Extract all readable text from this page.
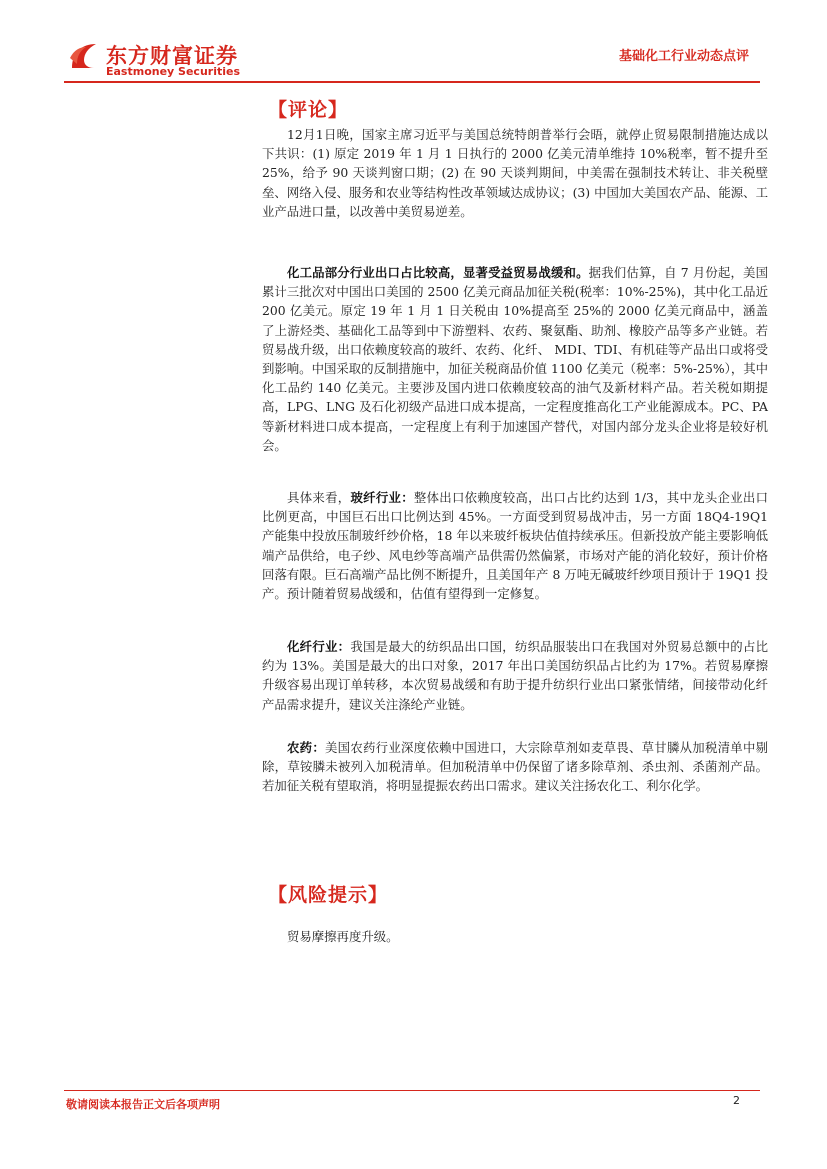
东方财富证券
Eastmoney Securities
基础化工行业动态点评
【评论】

12月1日晚，国家主席习近平与美国总统特朗普举行会晤，就停止贸易限制措施达成以下共识：(1) 原定 2019 年 1 月 1 日执行的 2000 亿美元清单维持 10%税率，暂不提升至 25%，给予 90 天谈判窗口期；(2) 在 90 天谈判期间，中美需在强制技术转让、非关税壁垒、网络入侵、服务和农业等结构性改革领域达成协议；(3) 中国加大美国农产品、能源、工业产品进口量，以改善中美贸易逆差。

化工品部分行业出口占比较高，显著受益贸易战缓和。据我们估算，自 7 月份起，美国累计三批次对中国出口美国的 2500 亿美元商品加征关税(税率：10%-25%)，其中化工品近 200 亿美元。原定 19 年 1 月 1 日关税由 10%提高至 25%的 2000 亿美元商品中，涵盖了上游烃类、基础化工品等到中下游塑料、农药、聚氨酯、助剂、橡胶产品等多产业链。若贸易战升级，出口依赖度较高的玻纤、农药、化纤、 MDI、TDI、有机硅等产品出口或将受到影响。中国采取的反制措施中，加征关税商品价值 1100 亿美元（税率：5%-25%），其中化工品约 140 亿美元。主要涉及国内进口依赖度较高的油气及新材料产品。若关税如期提高，LPG、LNG 及石化初级产品进口成本提高，一定程度推高化工产业能源成本。PC、PA 等新材料进口成本提高，一定程度上有利于加速国产替代，对国内部分龙头企业将是较好机会。

具体来看，玻纤行业：整体出口依赖度较高，出口占比约达到 1/3，其中龙头企业出口比例更高，中国巨石出口比例达到 45%。一方面受到贸易战冲击，另一方面 18Q4-19Q1 产能集中投放压制玻纤纱价格，18 年以来玻纤板块估值持续承压。但新投放产能主要影响低端产品供给，电子纱、风电纱等高端产品供需仍然偏紧，市场对产能的消化较好，预计价格回落有限。巨石高端产品比例不断提升，且美国年产 8 万吨无碱玻纤纱项目预计于 19Q1 投产。预计随着贸易战缓和，估值有望得到一定修复。

化纤行业：我国是最大的纺织品出口国，纺织品服装出口在我国对外贸易总额中的占比约为 13%。美国是最大的出口对象，2017 年出口美国纺织品占比约为 17%。若贸易摩擦升级容易出现订单转移，本次贸易战缓和有助于提升纺织行业出口紧张情绪，间接带动化纤产品需求提升，建议关注涤纶产业链。

农药：美国农药行业深度依赖中国进口，大宗除草剂如麦草畏、草甘膦从加税清单中剔除，草铵膦未被列入加税清单。但加税清单中仍保留了诸多除草剂、杀虫剂、杀菌剂产品。若加征关税有望取消，将明显提振农药出口需求。建议关注扬农化工、利尔化学。

【风险提示】

贸易摩擦再度升级。

敬请阅读本报告正文后各项声明	2
